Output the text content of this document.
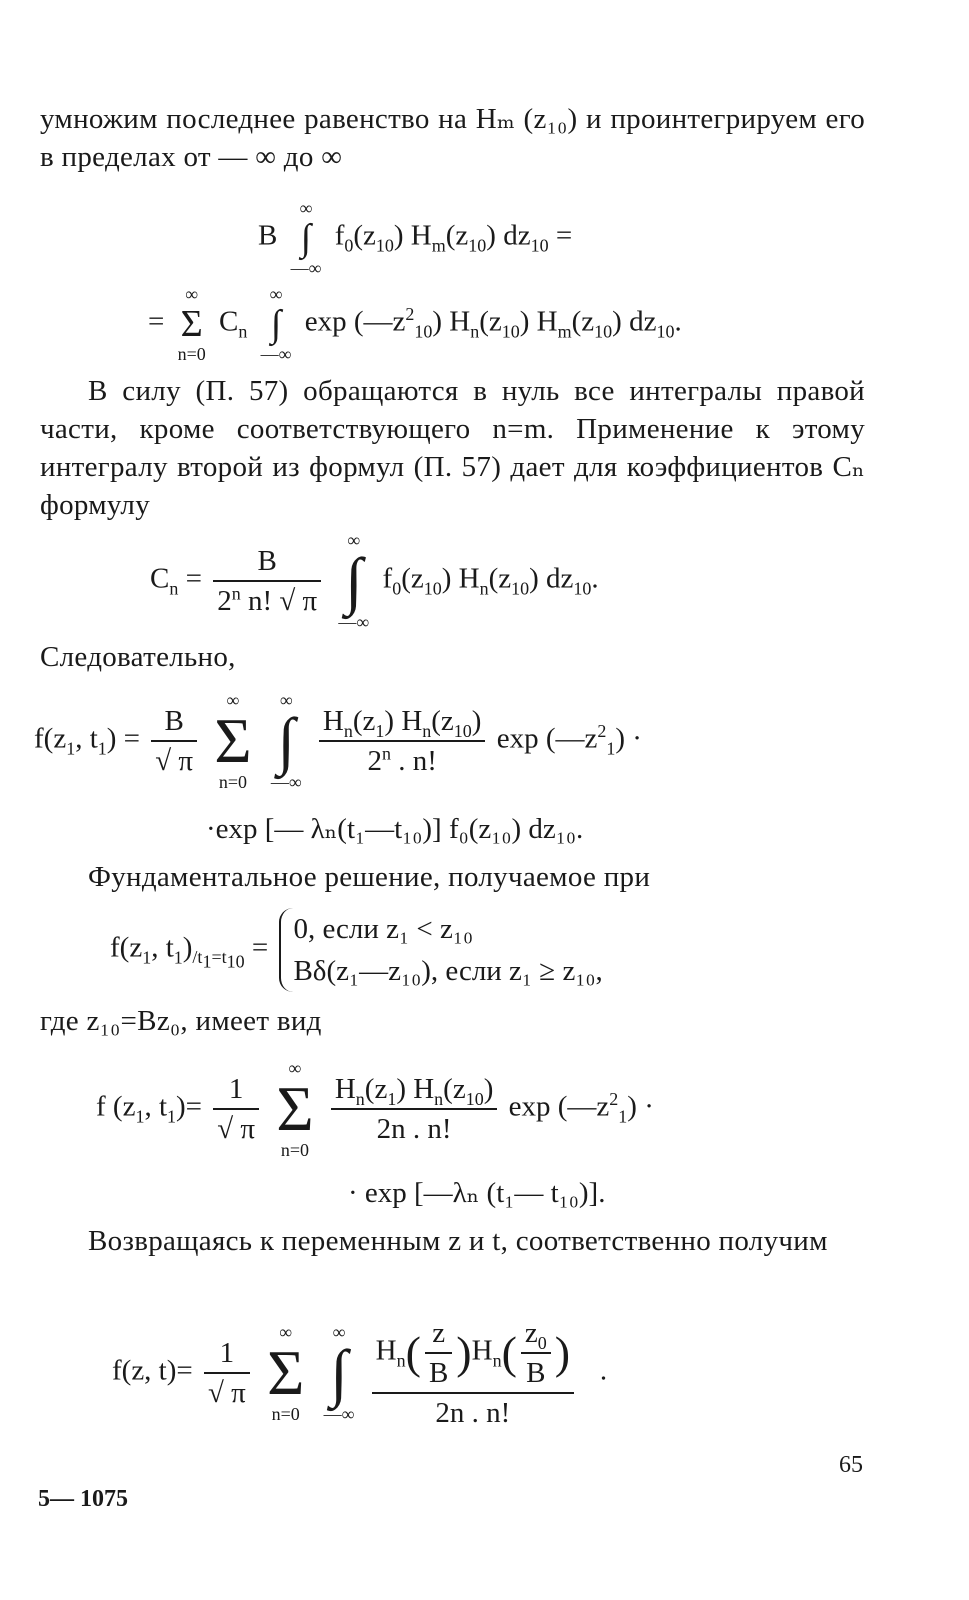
умножим последнее равенство на Hₘ (z₁₀) и проинтегрируем его в пределах от — ∞ до ∞
B
∞
∫
—∞
$f_0(z_{10})$ $H_m(z_{10}) dz_{10}$ =
=
∞
Σ
n=0
$C_n$
∞
∫
—∞
$\exp (—z^2_{10})$ $H_n(z_{10})$ $H_m(z_{10})$ $dz_{10}$.
В силу (П. 57) обращаются в нуль все интегралы правой части, кроме соответствующего n=m. Применение к этому интегралу второй из формул (П. 57) дает для коэффициентов Cₙ формулу
$C_n = \frac{B}{2^n n! √ \pi}$

∞
∫
—∞
$f_0(z_{10})$ $H_n(z_{10})$ $dz_{10}$.
Следовательно,
$f(z_1$, $t_1) = \frac{B}{√ \pi}$

∞
Σ
n=0

∞
∫
—∞

$\frac{H_n(z_1) H_n(z_{10})}{2^n . n!}$ $\exp (—z^2_1)$ ·
·exp [— λₙ(t₁—t₁₀)] f₀(z₁₀) dz₁₀.
Фундаментальное решение, получаемое при
$f(z_1$, $t_1)_{/t_1=t_{10}}$ =
0, если z₁ < z₁₀
Bδ(z₁—z₁₀), если z₁ ≥ z₁₀,
где z₁₀=Bz₀, имеет вид
f ($z_1$, $t_1)= \frac{1}{√ \pi}$

∞
Σ
n=0

$\frac{H_n(z_1) H_n(z_{10})}{2n . n!}$ $\exp (—z^2_1)$ ·
· exp [—λₙ (t₁— t₁₀)].
Возвращаясь к переменным z и t, соответственно получим
f(z, $t)= \frac{1}{√ \pi}$

∞
Σ
n=0

∞
∫
—∞
$\frac{H_n( \frac{z}{B} )H_n( \frac{z_0}{B} )}{2n . n!}$ .
65
5— 1075
